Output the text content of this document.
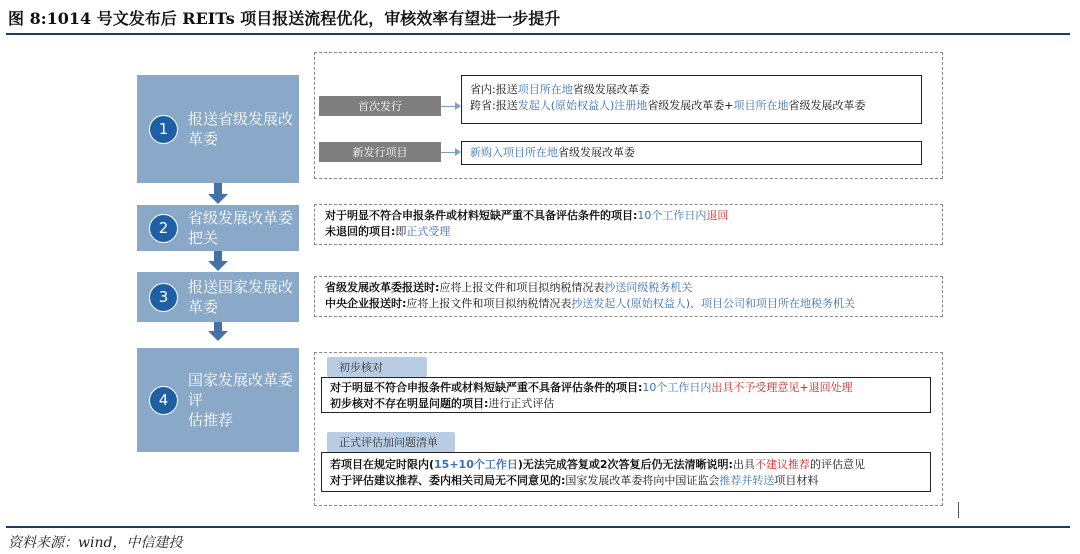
图 8:1014 号文发布后 REITs 项目报送流程优化，审核效率有望进一步提升
1
报送省级发展改革委
首次发行
省内:报送项目所在地省级发展改革委
跨省:报送发起人(原始权益人)注册地省级发展改革委+项目所在地省级发展改革委
新发行项目	新购入项目所在地省级发展改革委
2
省级发展改革委把关
对于明显不符合申报条件或材料短缺严重不具备评估条件的项目:10个工作日内退回
未退回的项目:即正式受理
3
报送国家发展改革委
省级发展改革委报送时:应将上报文件和项目拟纳税情况表抄送同级税务机关
中央企业报送时:应将上报文件和项目拟纳税情况表抄送发起人(原始权益人)、项目公司和项目所在地税务机关
4
国家发展改革委评
估推荐
初步核对
对于明显不符合申报条件或材料短缺严重不具备评估条件的项目:10个工作日内出具不予受理意见+退回处理
初步核对不存在明显问题的项目:进行正式评估
正式评估加问题清单
若项目在规定时限内(15+10个工作日)无法完成答复或2次答复后仍无法清晰说明:出具不建议推荐的评估意见
对于评估建议推荐、委内相关司局无不同意见的:国家发展改革委将向中国证监会推荐并转送项目材料
资料来源：wind，中信建投
